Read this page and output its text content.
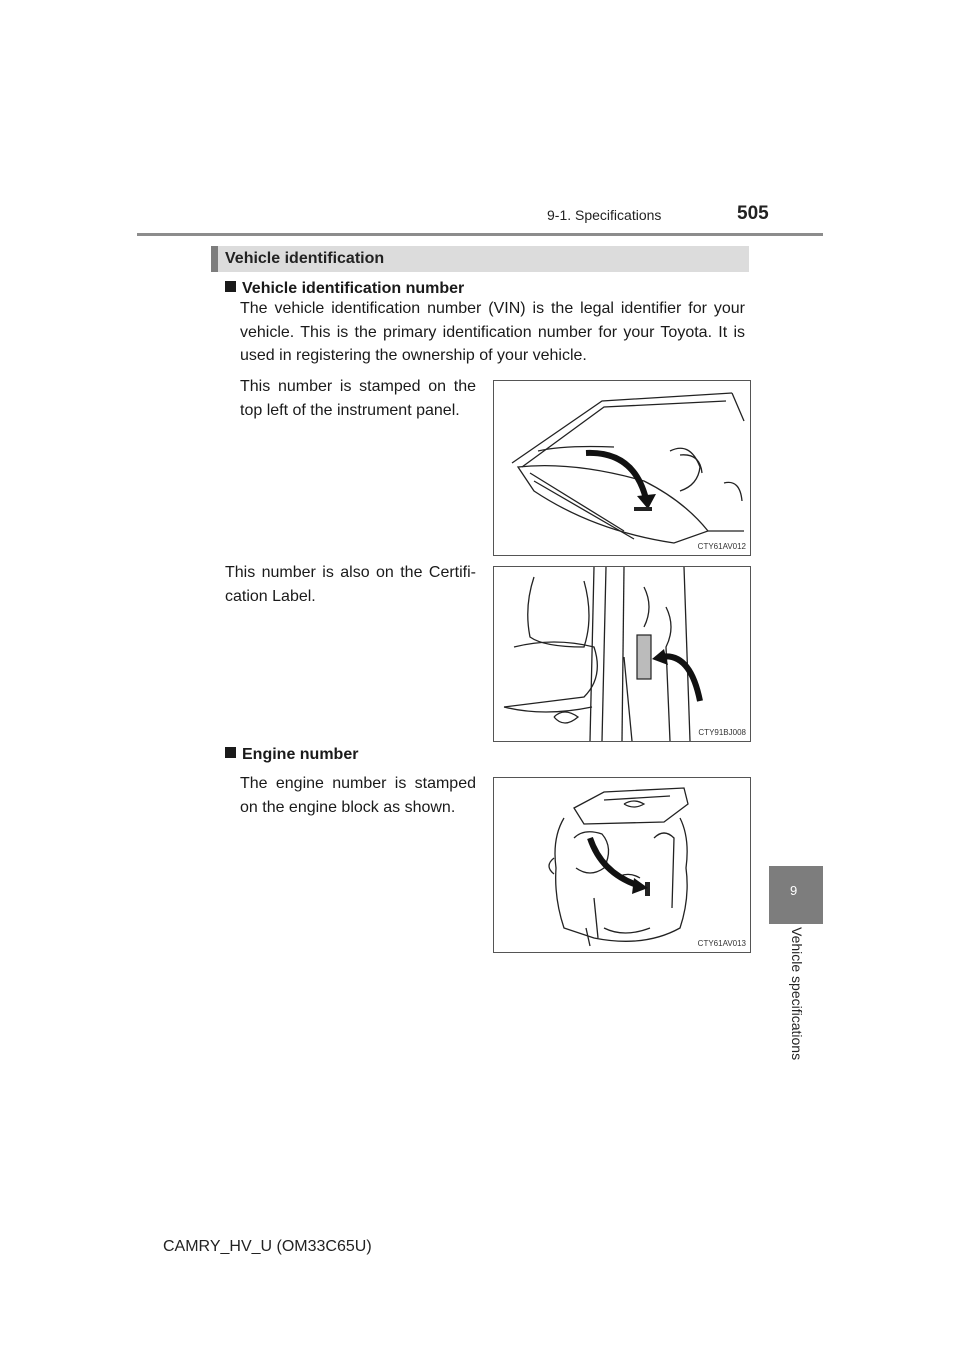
9-1. Specifications	505
9
Vehicle specifications
Vehicle identification
Vehicle identification number
The vehicle identification number (VIN) is the legal identifier for your vehicle. This is the primary identification number for your Toyota. It is used in registering the ownership of your vehicle.
This number is stamped on the top left of the instrument panel.
CTY61AV012
This number is also on the Certifi-cation Label.
CTY91BJ008
Engine number
The engine number is stamped on the engine block as shown.
CTY61AV013
CAMRY_HV_U (OM33C65U)
